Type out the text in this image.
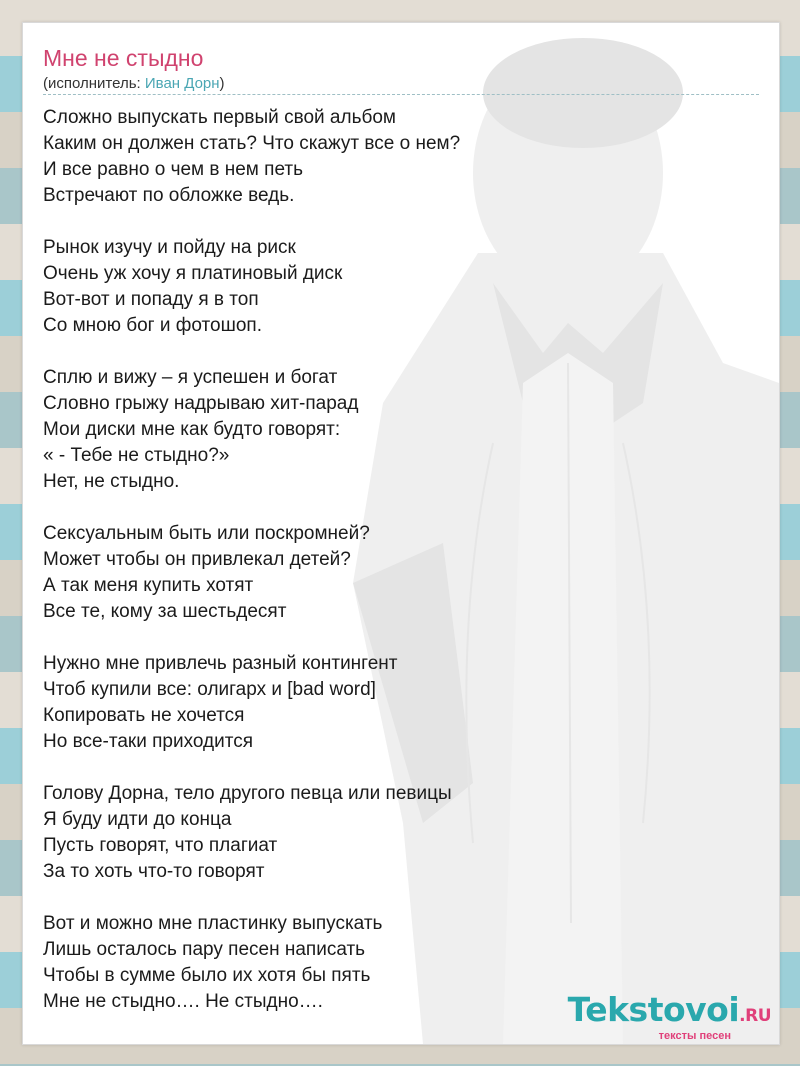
Мне не стыдно
(исполнитель: Иван Дорн)
Сложно выпускать первый свой альбом
Каким он должен стать? Что скажут все о нем?
И все равно о чем в нем петь
Встречают по обложке ведь.
Рынок изучу и пойду на риск
Очень уж хочу я платиновый диск
Вот-вот и попаду я в топ
Со мною бог и фотошоп.
Сплю и вижу – я успешен и богат
Словно грыжу надрываю хит-парад
Мои диски мне как будто говорят:
« - Тебе не стыдно?»
Нет, не стыдно.
Сексуальным быть или поскромней?
Может чтобы он привлекал детей?
А так меня купить хотят
Все те, кому за шестьдесят
Нужно мне привлечь разный контингент
Чтоб купили все: олигарх и [bad word]
Копировать не хочется
Но все-таки приходится
Голову Дорна, тело другого певца или певицы
Я буду идти до конца
Пусть говорят, что плагиат
За то хоть что-то говорят
Вот и можно мне пластинку выпускать
Лишь осталось пару песен написать
Чтобы в сумме было их хотя бы пять
Мне не стыдно…. Не стыдно….	Tekstovoi.RU
тексты песен
